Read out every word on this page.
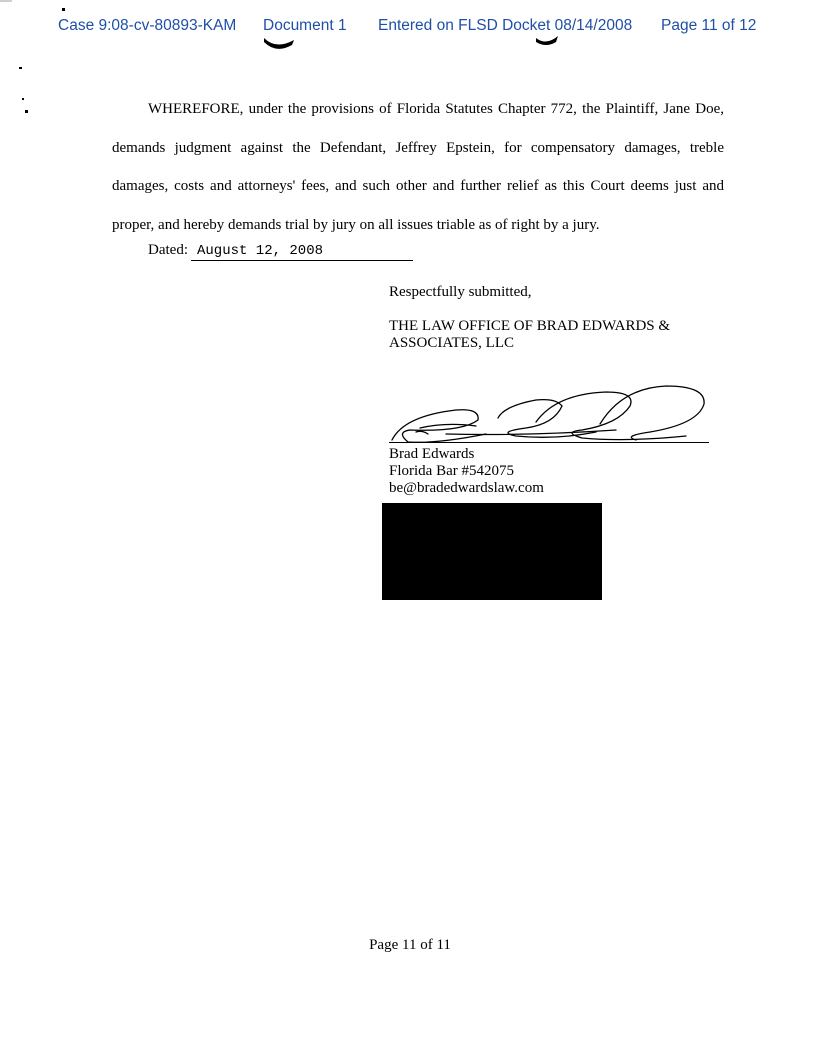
Case 9:08-cv-80893-KAM Document 1 Entered on FLSD Docket 08/14/2008 Page 11 of 12

WHEREFORE, under the provisions of Florida Statutes Chapter 772, the Plaintiff, Jane Doe, demands judgment against the Defendant, Jeffrey Epstein, for compensatory damages, treble damages, costs and attorneys' fees, and such other and further relief as this Court deems just and proper, and hereby demands trial by jury on all issues triable as of right by a jury.

Dated: August 12, 2008
Respectfully submitted,
THE LAW OFFICE OF BRAD EDWARDS &
ASSOCIATES, LLC
Brad Edwards
Florida Bar #542075
be@bradedwardslaw.com
Page 11 of 11
